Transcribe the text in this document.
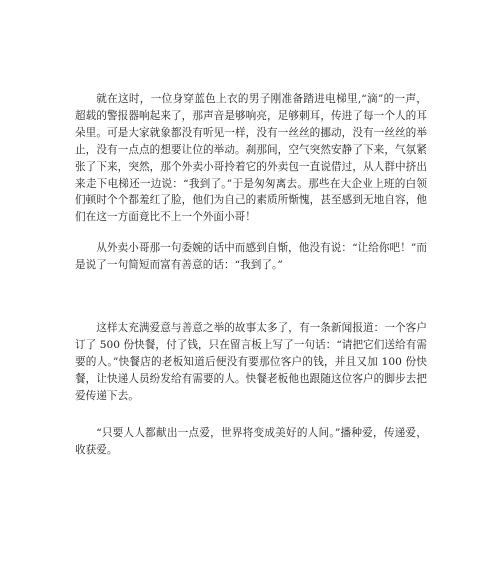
就在这时，一位身穿蓝色上衣的男子刚准备踏进电梯里,“滴”的一声，超载的警报器响起来了，那声音是够响亮，足够刺耳，传进了每一个人的耳朵里。可是大家就象都没有听见一样，没有一丝丝的挪动，没有一丝丝的举止，没有一点点的想要让位的举动。刹那间，空气突然安静了下来，气氛紧张了下来，突然，那个外卖小哥拎着它的外卖包一直说借过，从人群中挤出来走下电梯还一边说：“我到了。”于是匆匆离去。那些在大企业上班的白领们顿时个个都羞红了脸，他们为自己的素质所惭愧，甚至感到无地自容，他们在这一方面竟比不上一个外面小哥！

从外卖小哥那一句委婉的话中而感到自惭，他没有说：“让给你吧！”而是说了一句简短而富有善意的话：“我到了。”

这样太充满爱意与善意之举的故事太多了，有一条新闻报道：一个客户订了 500 份快餐，付了钱，只在留言板上写了一句话：“请把它们送给有需要的人。”快餐店的老板知道后便没有要那位客户的钱，并且又加 100 份快餐，让快递人员纷发给有需要的人。快餐老板他也跟随这位客户的脚步去把爱传递下去。

“只要人人都献出一点爱，世界将变成美好的人间。”播种爱，传递爱，收获爱。
